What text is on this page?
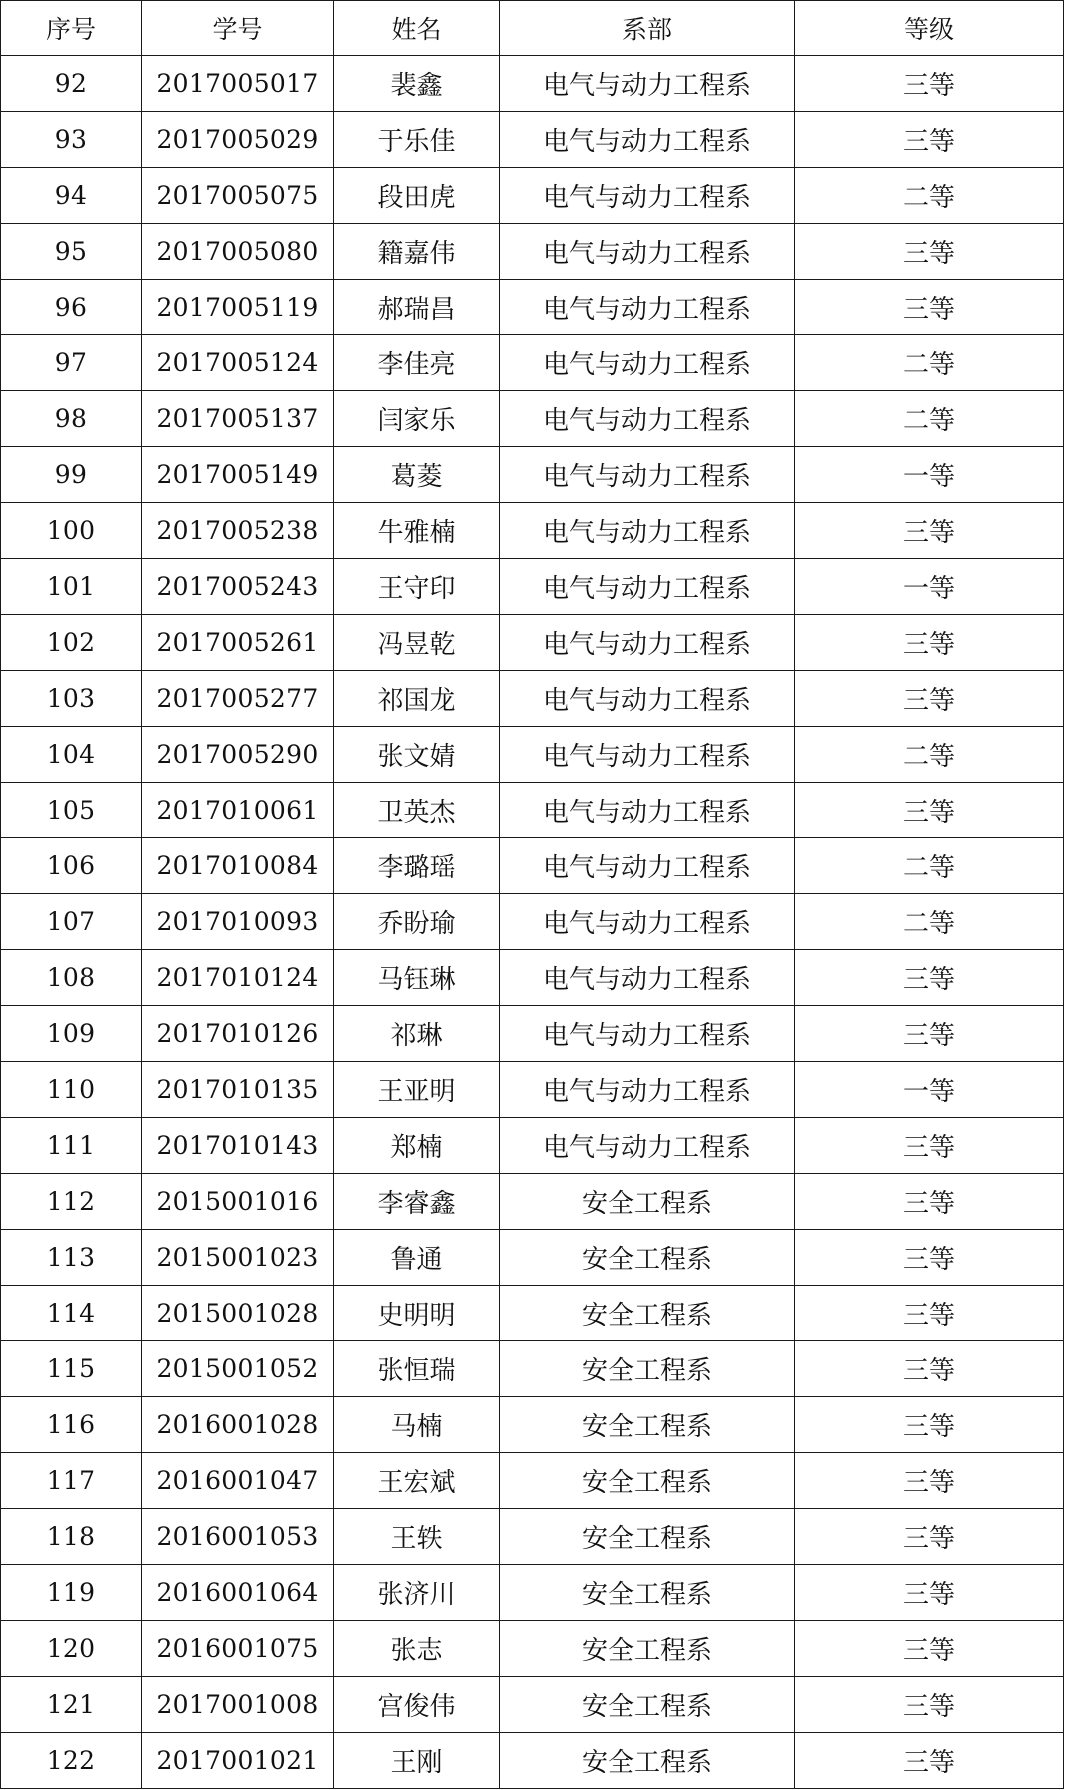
序号	学号	姓名	系部	等级
92	2017005017	裴鑫	电气与动力工程系	三等
93	2017005029	于乐佳	电气与动力工程系	三等
94	2017005075	段田虎	电气与动力工程系	二等
95	2017005080	籍嘉伟	电气与动力工程系	三等
96	2017005119	郝瑞昌	电气与动力工程系	三等
97	2017005124	李佳亮	电气与动力工程系	二等
98	2017005137	闫家乐	电气与动力工程系	二等
99	2017005149	葛菱	电气与动力工程系	一等
100	2017005238	牛雅楠	电气与动力工程系	三等
101	2017005243	王守印	电气与动力工程系	一等
102	2017005261	冯昱乾	电气与动力工程系	三等
103	2017005277	祁国龙	电气与动力工程系	三等
104	2017005290	张文婧	电气与动力工程系	二等
105	2017010061	卫英杰	电气与动力工程系	三等
106	2017010084	李璐瑶	电气与动力工程系	二等
107	2017010093	乔盼瑜	电气与动力工程系	二等
108	2017010124	马钰琳	电气与动力工程系	三等
109	2017010126	祁琳	电气与动力工程系	三等
110	2017010135	王亚明	电气与动力工程系	一等
111	2017010143	郑楠	电气与动力工程系	三等
112	2015001016	李睿鑫	安全工程系	三等
113	2015001023	鲁通	安全工程系	三等
114	2015001028	史明明	安全工程系	三等
115	2015001052	张恒瑞	安全工程系	三等
116	2016001028	马楠	安全工程系	三等
117	2016001047	王宏斌	安全工程系	三等
118	2016001053	王轶	安全工程系	三等
119	2016001064	张济川	安全工程系	三等
120	2016001075	张志	安全工程系	三等
121	2017001008	宫俊伟	安全工程系	三等
122	2017001021	王刚	安全工程系	三等
